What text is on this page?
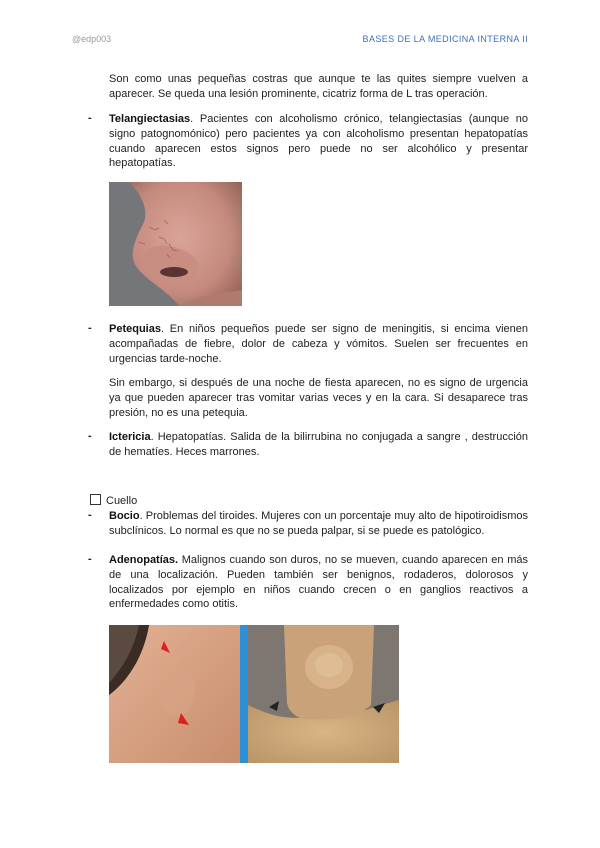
@edp003	BASES DE LA MEDICINA INTERNA II

Son como unas pequeñas costras que aunque te las quites siempre vuelven a aparecer. Se queda una lesión prominente, cicatriz forma de L tras operación.

- Telangiectasias. Pacientes con alcoholismo crónico, telangiectasias (aunque no signo patognomónico) pero pacientes ya con alcoholismo presentan hepatopatías cuando aparecen estos signos pero puede no ser alcohólico y presentar hepatopatías.

- Petequias. En niños pequeños puede ser signo de meningitis, si encima vienen acompañadas de fiebre, dolor de cabeza y vómitos. Suelen ser frecuentes en urgencias tarde-noche.

Sin embargo, si después de una noche de fiesta aparecen, no es signo de urgencia ya que pueden aparecer tras vomitar varias veces y en la cara. Si desaparece tras presión, no es una petequia.

- Ictericia. Hepatopatías. Salida de la bilirrubina no conjugada a sangre , destrucción de hematíes. Heces marrones.

Cuello

- Bocio. Problemas del tiroides. Mujeres con un porcentaje muy alto de hipotiroidismos subclínicos. Lo normal es que no se pueda palpar, si se puede es patológico.

- Adenopatías. Malignos cuando son duros, no se mueven, cuando aparecen en más de una localización. Pueden también ser benignos, rodaderos, dolorosos y localizados por ejemplo en niños cuando crecen o en ganglios reactivos a enfermedades como otitis.
